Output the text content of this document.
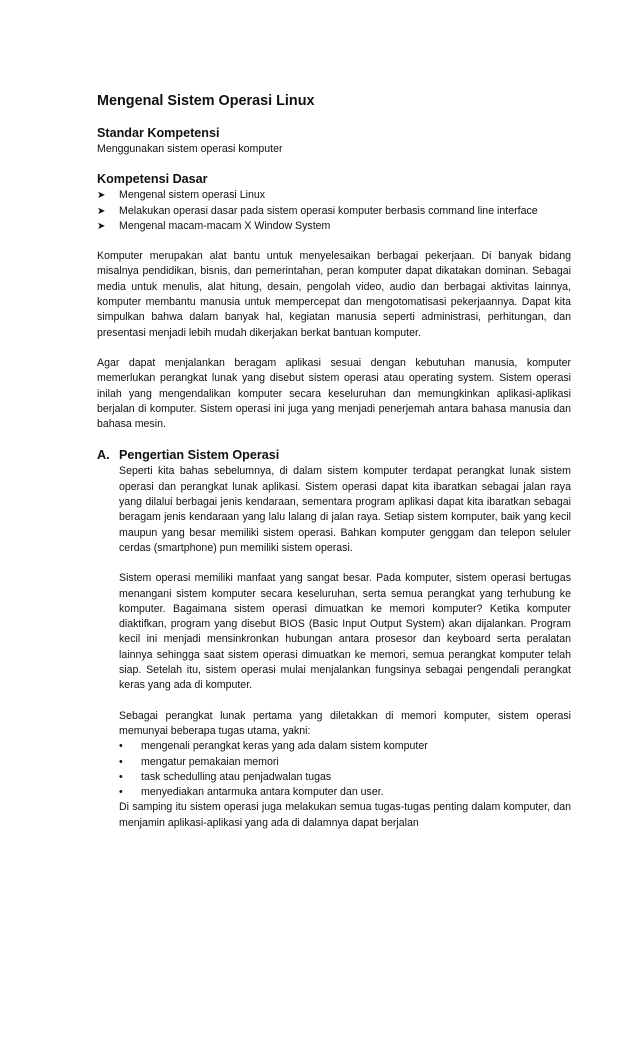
Mengenal Sistem Operasi Linux
Standar Kompetensi

Menggunakan sistem operasi komputer

Kompetensi Dasar
➤ Mengenal sistem operasi Linux
➤ Melakukan operasi dasar pada sistem operasi komputer berbasis command line interface
➤ Mengenal macam-macam X Window System

Komputer merupakan alat bantu untuk menyelesaikan berbagai pekerjaan. Di banyak bidang misalnya pendidikan, bisnis, dan pemerintahan, peran komputer dapat dikatakan dominan. Sebagai media untuk menulis, alat hitung, desain, pengolah video, audio dan berbagai aktivitas lainnya, komputer membantu manusia untuk mempercepat dan mengotomatisasi pekerjaannya. Dapat kita simpulkan bahwa dalam banyak hal, kegiatan manusia seperti administrasi, perhitungan, dan presentasi menjadi lebih mudah dikerjakan berkat bantuan komputer.

Agar dapat menjalankan beragam aplikasi sesuai dengan kebutuhan manusia, komputer memerlukan perangkat lunak yang disebut sistem operasi atau operating system. Sistem operasi inilah yang mengendalikan komputer secara keseluruhan dan memungkinkan aplikasi-aplikasi berjalan di komputer. Sistem operasi ini juga yang menjadi penerjemah antara bahasa manusia dan bahasa mesin.

A. Pengertian Sistem Operasi

Seperti kita bahas sebelumnya, di dalam sistem komputer terdapat perangkat lunak sistem operasi dan perangkat lunak aplikasi. Sistem operasi dapat kita ibaratkan sebagai jalan raya yang dilalui berbagai jenis kendaraan, sementara program aplikasi dapat kita ibaratkan sebagai beragam jenis kendaraan yang lalu lalang di jalan raya. Setiap sistem komputer, baik yang kecil maupun yang besar memiliki sistem operasi. Bahkan komputer genggam dan telepon seluler cerdas (smartphone) pun memiliki sistem operasi.

Sistem operasi memiliki manfaat yang sangat besar. Pada komputer, sistem operasi bertugas menangani sistem komputer secara keseluruhan, serta semua perangkat yang terhubung ke komputer. Bagaimana sistem operasi dimuatkan ke memori komputer? Ketika komputer diaktifkan, program yang disebut BIOS (Basic Input Output System) akan dijalankan. Program kecil ini menjadi mensinkronkan hubungan antara prosesor dan keyboard serta peralatan lainnya sehingga saat sistem operasi dimuatkan ke memori, semua perangkat komputer telah siap. Setelah itu, sistem operasi mulai menjalankan fungsinya sebagai pengendali perangkat keras yang ada di komputer.

Sebagai perangkat lunak pertama yang diletakkan di memori komputer, sistem operasi memunyai beberapa tugas utama, yakni:

• mengenali perangkat keras yang ada dalam sistem komputer
• mengatur pemakaian memori
• task schedulling atau penjadwalan tugas
• menyediakan antarmuka antara komputer dan user.

Di samping itu sistem operasi juga melakukan semua tugas-tugas penting dalam komputer, dan menjamin aplikasi-aplikasi yang ada di dalamnya dapat berjalan
